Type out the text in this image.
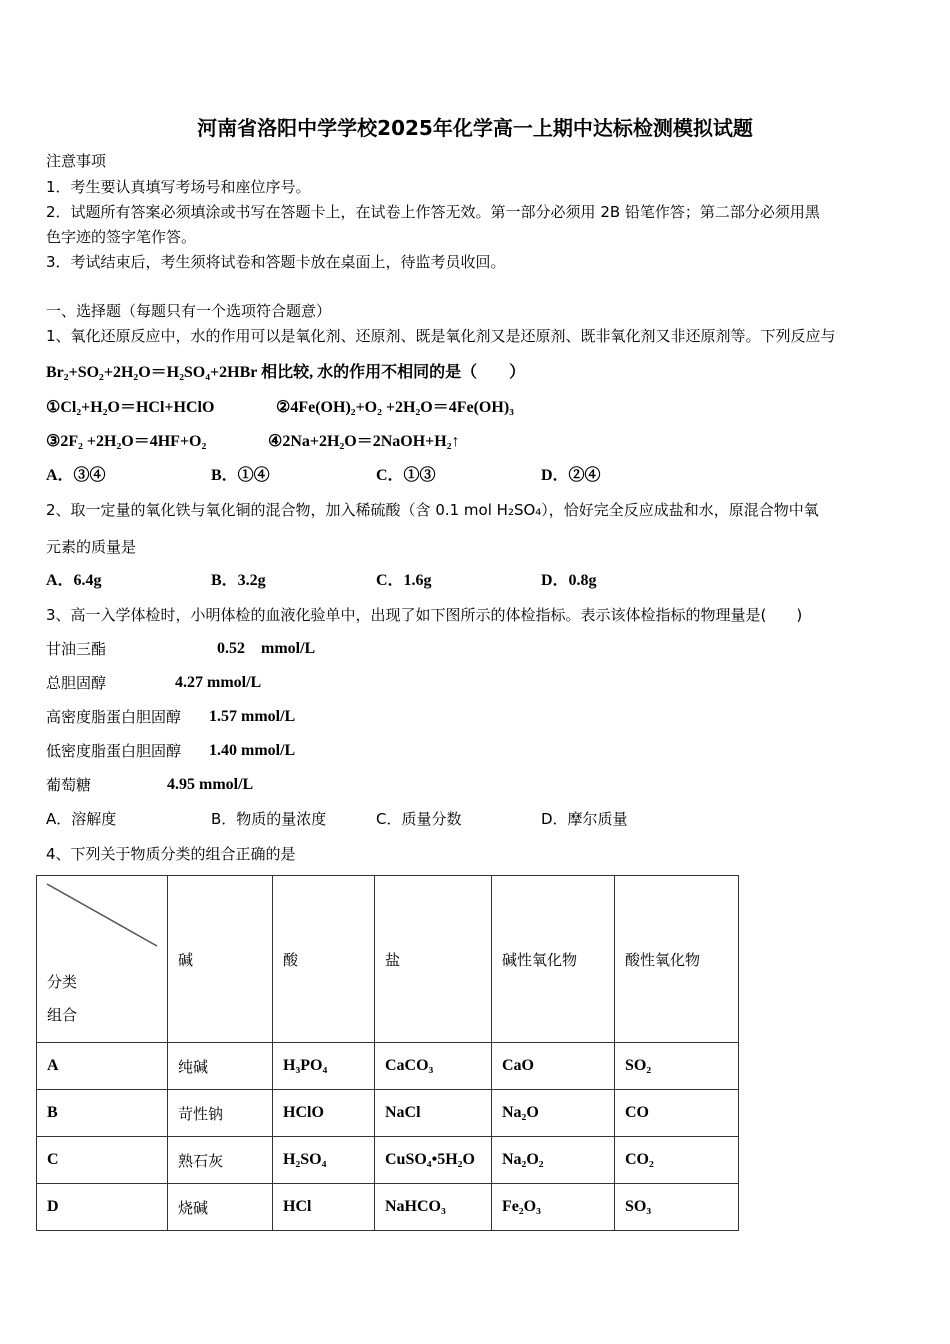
河南省洛阳中学学校2025年化学高一上期中达标检测模拟试题
注意事项
1．考生要认真填写考场号和座位序号。
2．试题所有答案必须填涂或书写在答题卡上，在试卷上作答无效。第一部分必须用 2B 铅笔作答；第二部分必须用黑
色字迹的签字笔作答。
3．考试结束后，考生须将试卷和答题卡放在桌面上，待监考员收回。
一、选择题（每题只有一个选项符合题意）
1、氧化还原反应中，水的作用可以是氧化剂、还原剂、既是氧化剂又是还原剂、既非氧化剂又非还原剂等。下列反应与
Br₂+SO₂+2H₂O＝H₂SO₄+2HBr 相比较, 水的作用不相同的是（　　）
①Cl₂+H₂O＝HCl+HClO	②4Fe(OH)₂+O₂ +2H₂O＝4Fe(OH)₃
③2F₂ +2H₂O＝4HF+O₂	④2Na+2H₂O＝2NaOH+H₂↑
A．③④	B．①④	C．①③	D．②④
2、取一定量的氧化铁与氧化铜的混合物，加入稀硫酸（含 0.1 mol H₂SO₄），恰好完全反应成盐和水，原混合物中氧
元素的质量是
A．6.4g	B．3.2g	C．1.6g	D．0.8g
3、高一入学体检时，小明体检的血液化验单中，出现了如下图所示的体检指标。表示该体检指标的物理量是(　　)
甘油三酯	0.52　mmol/L
总胆固醇	4.27 mmol/L
高密度脂蛋白胆固醇 1.57 mmol/L
低密度脂蛋白胆固醇 1.40 mmol/L
葡萄糖	4.95 mmol/L
A．溶解度	B．物质的量浓度	C．质量分数	D．摩尔质量
4、下列关于物质分类的组合正确的是
分类
组合	碱	酸	盐	碱性氧化物	酸性氧化物
A	纯碱	H₃PO₄	CaCO₃	CaO	SO₂
B	苛性钠	HClO	NaCl	Na₂O	CO
C	熟石灰	H₂SO₄	CuSO₄•5H₂O	Na₂O₂	CO₂
D	烧碱	HCl	NaHCO₃	Fe₂O₃	SO₃
